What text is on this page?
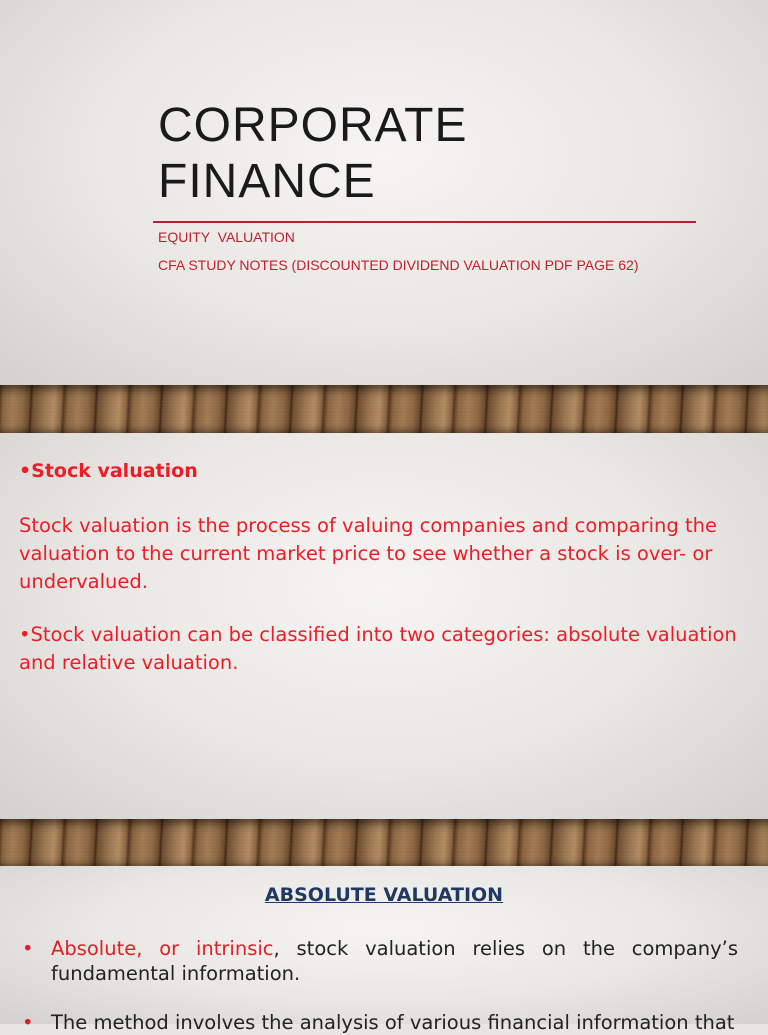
CORPORATE
FINANCE

EQUITY  VALUATION

CFA STUDY NOTES (DISCOUNTED DIVIDEND VALUATION PDF PAGE 62)

•Stock valuation

Stock valuation is the process of valuing companies and comparing the valuation to the current market price to see whether a stock is over- or undervalued.

•Stock valuation can be classified into two categories: absolute valuation and relative valuation.

ABSOLUTE VALUATION
• Absolute, or intrinsic, stock valuation relies on the company’s fundamental information.
• The method involves the analysis of various financial information that
